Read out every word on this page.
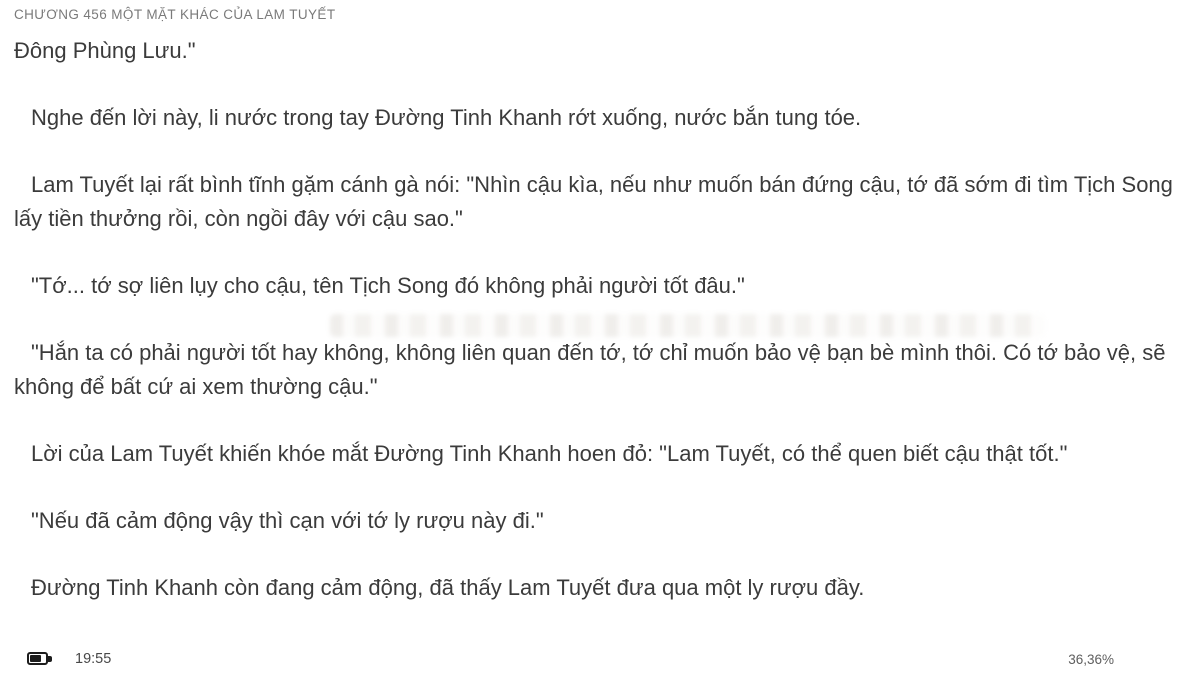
CHƯƠNG 456 MỘT MẶT KHÁC CỦA LAM TUYẾT

Đông Phùng Lưu."

Nghe đến lời này, li nước trong tay Đường Tinh Khanh rớt xuống, nước bắn tung tóe.

Lam Tuyết lại rất bình tĩnh gặm cánh gà nói: "Nhìn cậu kìa, nếu như muốn bán đứng cậu, tớ đã sớm đi tìm Tịch Song lấy tiền thưởng rồi, còn ngồi đây với cậu sao."

"Tớ... tớ sợ liên lụy cho cậu, tên Tịch Song đó không phải người tốt đâu."

"Hắn ta có phải người tốt hay không, không liên quan đến tớ, tớ chỉ muốn bảo vệ bạn bè mình thôi. Có tớ bảo vệ, sẽ không để bất cứ ai xem thường cậu."

Lời của Lam Tuyết khiến khóe mắt Đường Tinh Khanh hoen đỏ: "Lam Tuyết, có thể quen biết cậu thật tốt."

"Nếu đã cảm động vậy thì cạn với tớ ly rượu này đi."

Đường Tinh Khanh còn đang cảm động, đã thấy Lam Tuyết đưa qua một ly rượu đầy.

19:55	36,36%
